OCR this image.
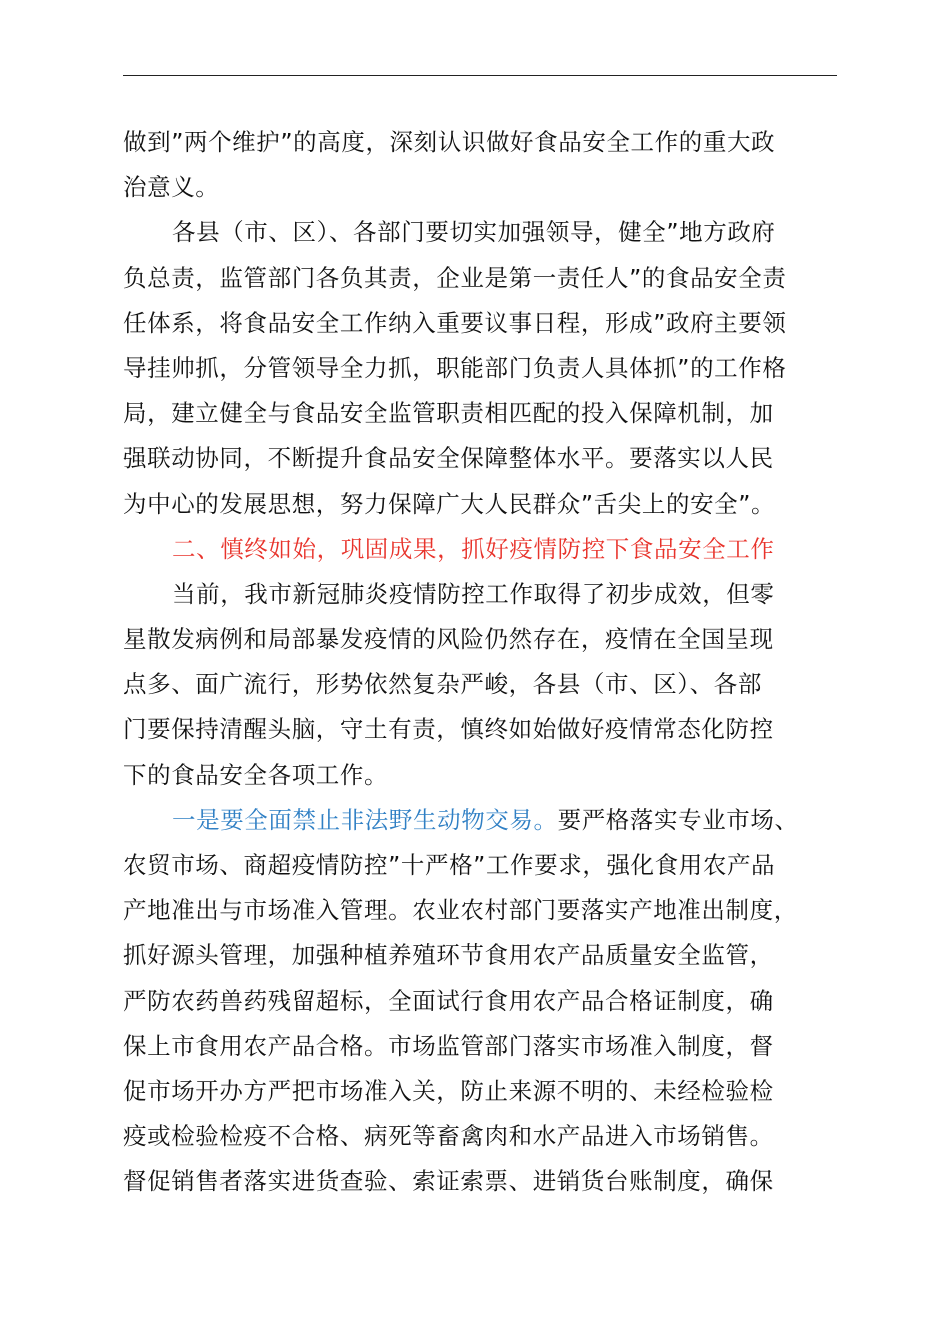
做到”两个维护”的高度，深刻认识做好食品安全工作的重大政
治意义。
各县（市、区）、各部门要切实加强领导，健全”地方政府
负总责，监管部门各负其责，企业是第一责任人”的食品安全责
任体系，将食品安全工作纳入重要议事日程，形成”政府主要领
导挂帅抓，分管领导全力抓，职能部门负责人具体抓”的工作格
局，建立健全与食品安全监管职责相匹配的投入保障机制，加
强联动协同，不断提升食品安全保障整体水平。要落实以人民
为中心的发展思想，努力保障广大人民群众”舌尖上的安全”。
二、慎终如始，巩固成果，抓好疫情防控下食品安全工作
当前，我市新冠肺炎疫情防控工作取得了初步成效，但零
星散发病例和局部暴发疫情的风险仍然存在，疫情在全国呈现
点多、面广流行，形势依然复杂严峻，各县（市、区）、各部
门要保持清醒头脑，守土有责，慎终如始做好疫情常态化防控
下的食品安全各项工作。
一是要全面禁止非法野生动物交易。要严格落实专业市场、
农贸市场、商超疫情防控”十严格”工作要求，强化食用农产品
产地准出与市场准入管理。农业农村部门要落实产地准出制度，
抓好源头管理，加强种植养殖环节食用农产品质量安全监管，
严防农药兽药残留超标，全面试行食用农产品合格证制度，确
保上市食用农产品合格。市场监管部门落实市场准入制度，督
促市场开办方严把市场准入关，防止来源不明的、未经检验检
疫或检验检疫不合格、病死等畜禽肉和水产品进入市场销售。
督促销售者落实进货查验、索证索票、进销货台账制度，确保
